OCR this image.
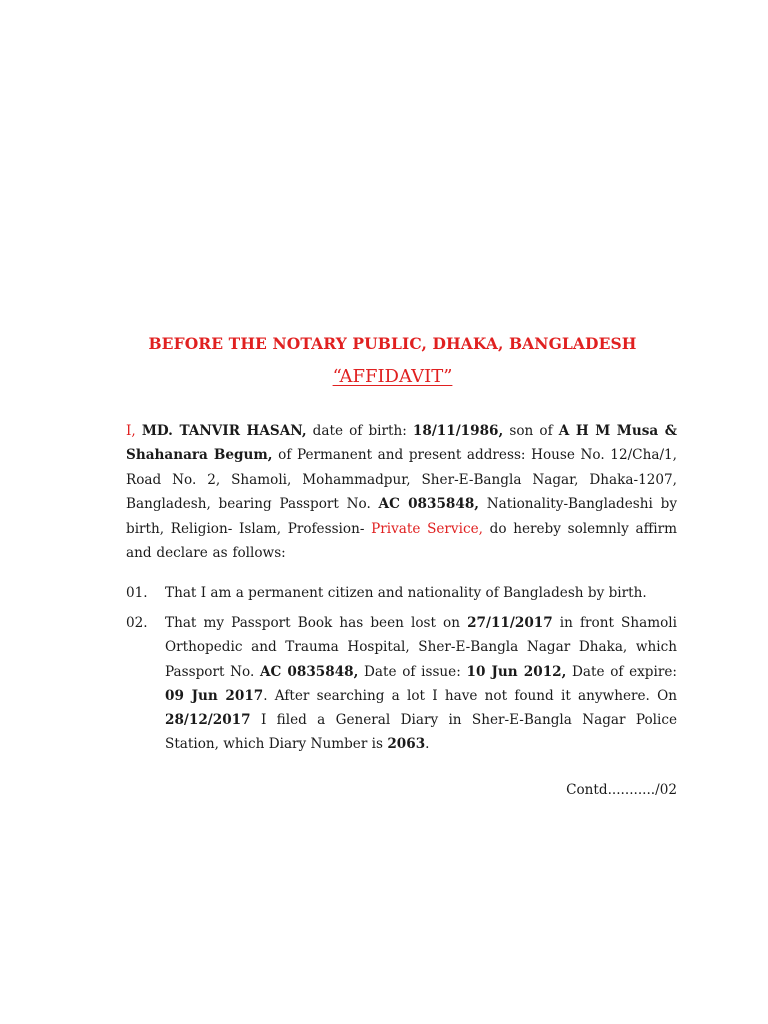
BEFORE THE NOTARY PUBLIC, DHAKA, BANGLADESH
“AFFIDAVIT”
I, MD. TANVIR HASAN, date of birth: 18/11/1986, son of A H M Musa & Shahanara Begum, of Permanent and present address: House No. 12/Cha/1, Road No. 2, Shamoli, Mohammadpur, Sher-E-Bangla Nagar, Dhaka-1207, Bangladesh, bearing Passport No. AC 0835848, Nationality-Bangladeshi by birth, Religion- Islam, Profession- Private Service, do hereby solemnly affirm and declare as follows:
01.	That I am a permanent citizen and nationality of Bangladesh by birth.
02.	That my Passport Book has been lost on 27/11/2017 in front Shamoli Orthopedic and Trauma Hospital, Sher-E-Bangla Nagar Dhaka, which Passport No. AC 0835848, Date of issue: 10 Jun 2012, Date of expire: 09 Jun 2017. After searching a lot I have not found it anywhere. On 28/12/2017 I filed a General Diary in Sher-E-Bangla Nagar Police Station, which Diary Number is 2063.
Contd.........../02
